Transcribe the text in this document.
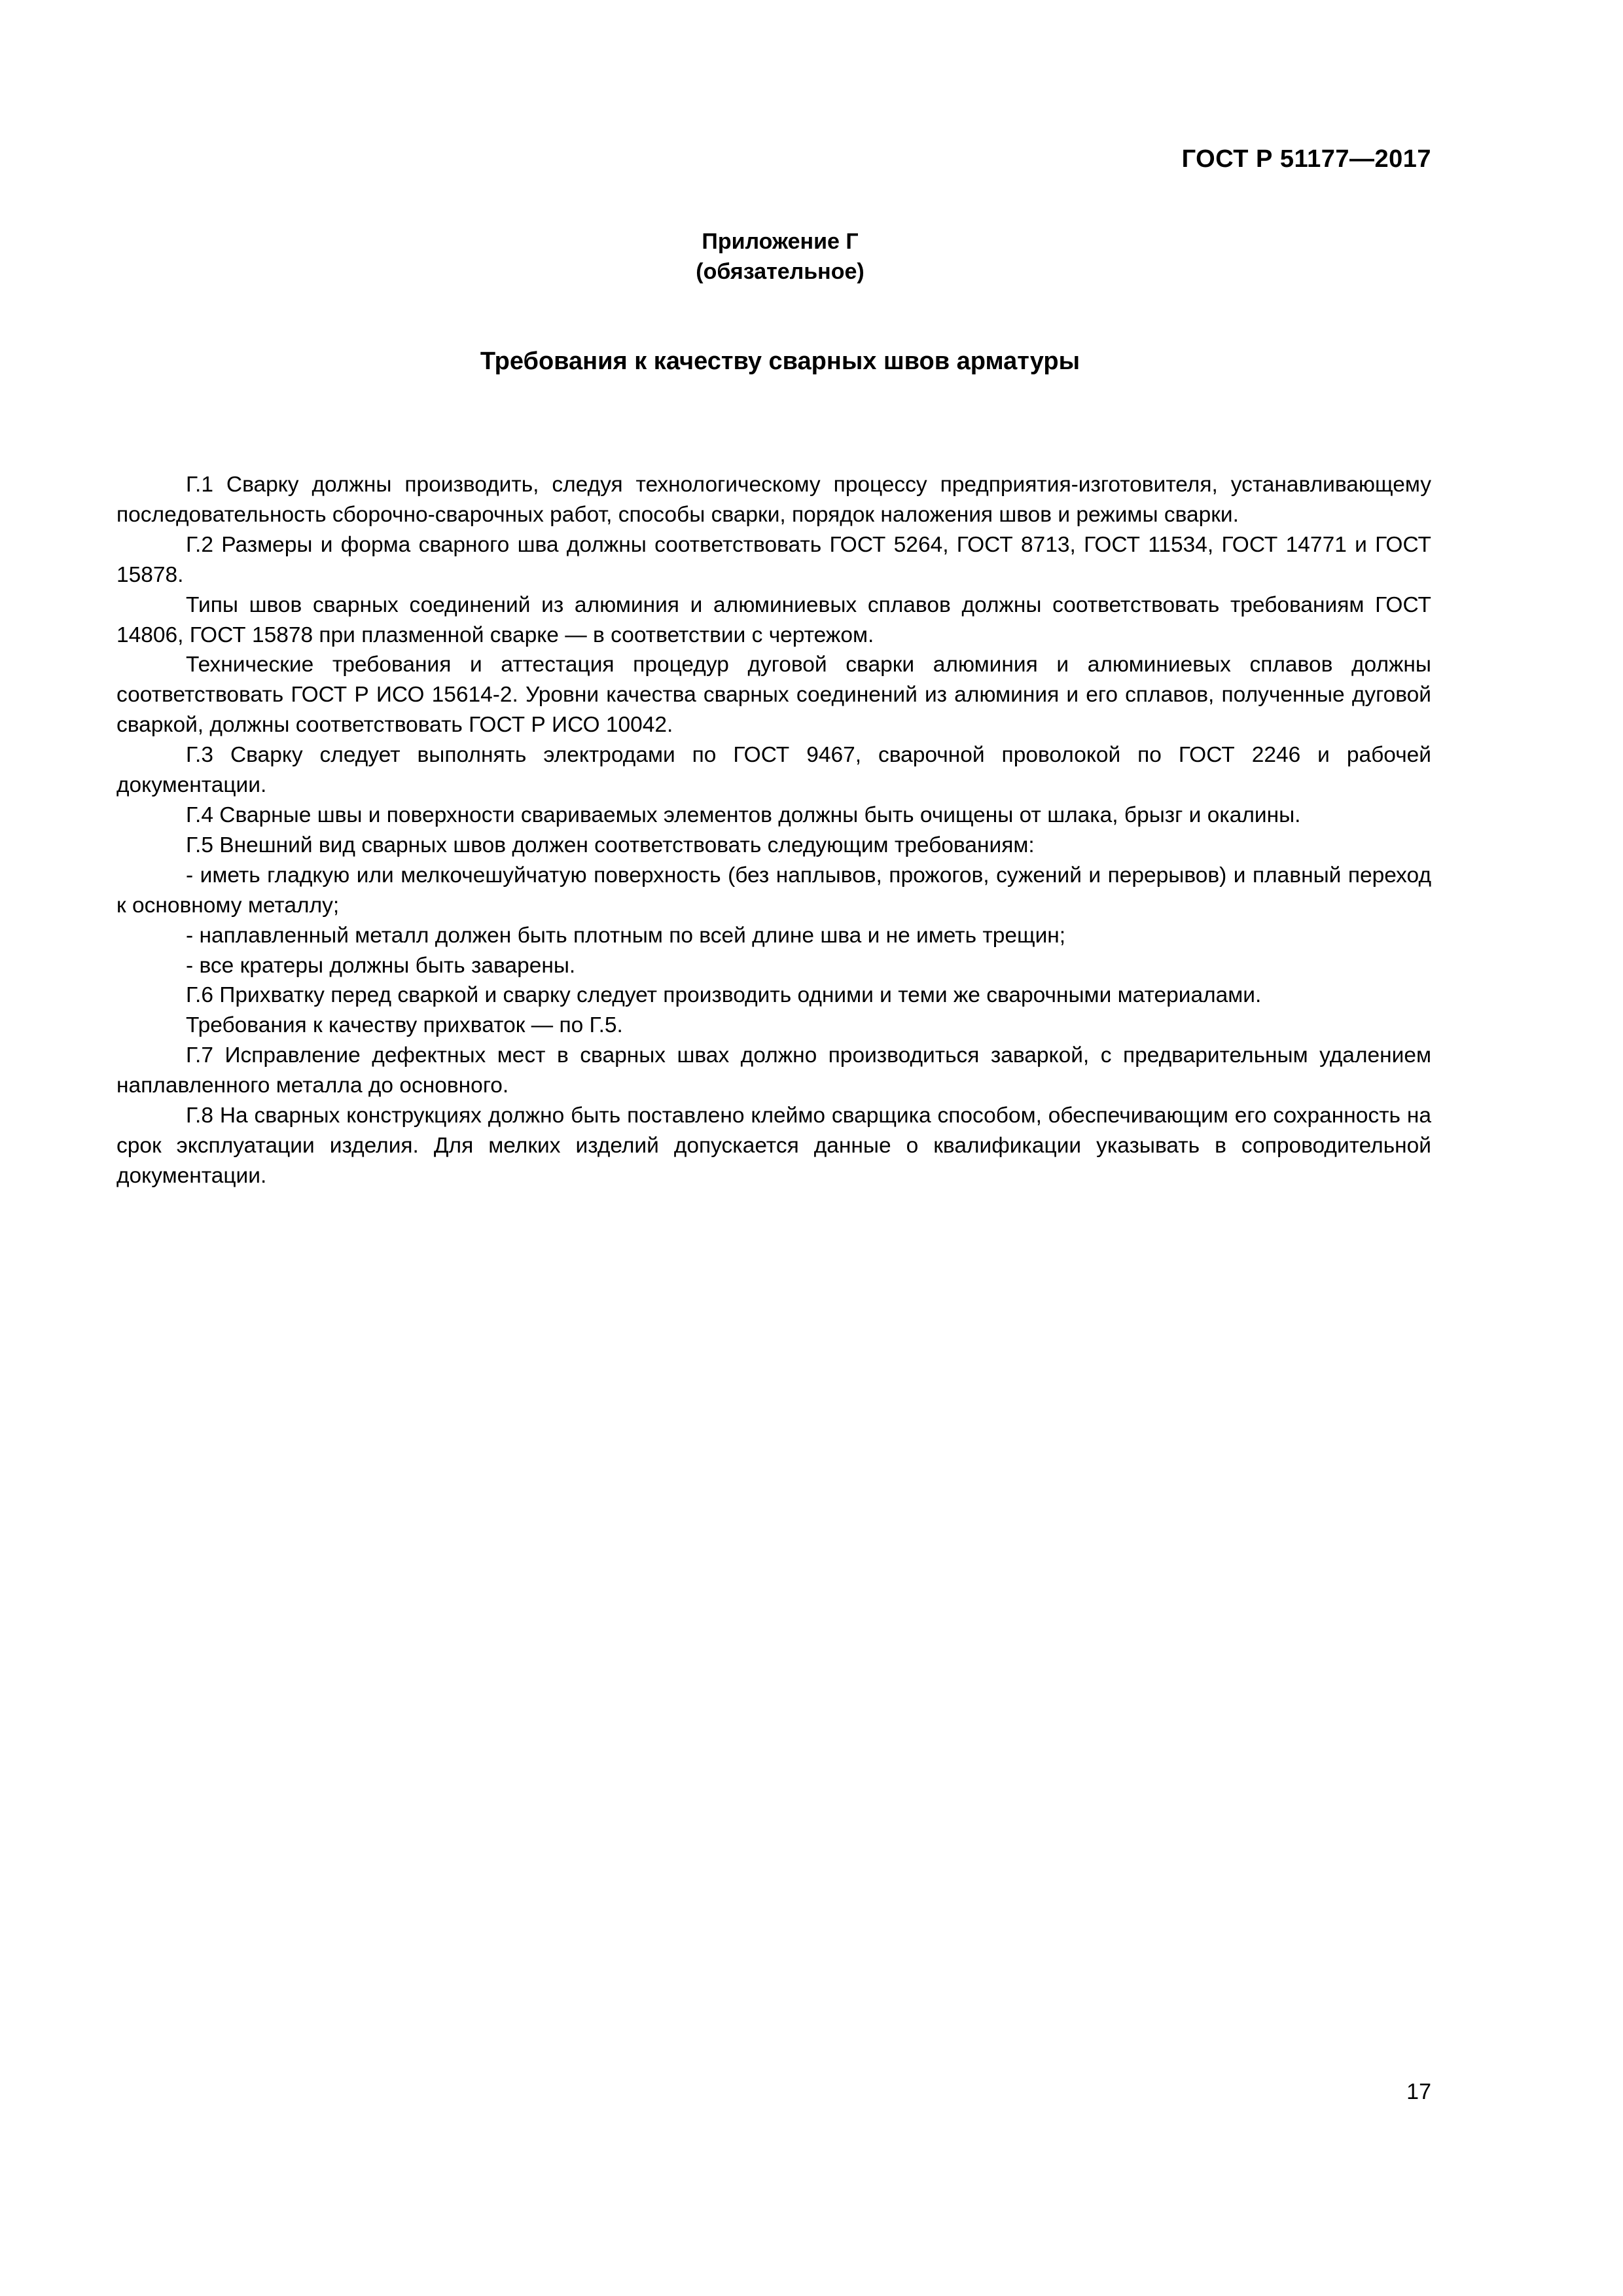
ГОСТ Р 51177—2017
Приложение Г
(обязательное)
Требования к качеству сварных швов арматуры

Г.1 Сварку должны производить, следуя технологическому процессу предприятия-изготовителя, устанавливающему последовательность сборочно-сварочных работ, способы сварки, порядок наложения швов и режимы сварки.

Г.2 Размеры и форма сварного шва должны соответствовать ГОСТ 5264, ГОСТ 8713, ГОСТ 11534, ГОСТ 14771 и ГОСТ 15878.

Типы швов сварных соединений из алюминия и алюминиевых сплавов должны соответствовать требованиям ГОСТ 14806, ГОСТ 15878 при плазменной сварке — в соответствии с чертежом.

Технические требования и аттестация процедур дуговой сварки алюминия и алюминиевых сплавов должны соответствовать ГОСТ Р ИСО 15614-2. Уровни качества сварных соединений из алюминия и его сплавов, полученные дуговой сваркой, должны соответствовать ГОСТ Р ИСО 10042.

Г.3 Сварку следует выполнять электродами по ГОСТ 9467, сварочной проволокой по ГОСТ 2246 и рабочей документации.

Г.4 Сварные швы и поверхности свариваемых элементов должны быть очищены от шлака, брызг и окалины.

Г.5 Внешний вид сварных швов должен соответствовать следующим требованиям:

- иметь гладкую или мелкочешуйчатую поверхность (без наплывов, прожогов, сужений и перерывов) и плавный переход к основному металлу;

- наплавленный металл должен быть плотным по всей длине шва и не иметь трещин;

- все кратеры должны быть заварены.

Г.6 Прихватку перед сваркой и сварку следует производить одними и теми же сварочными материалами.

Требования к качеству прихваток — по Г.5.

Г.7 Исправление дефектных мест в сварных швах должно производиться заваркой, с предварительным удалением наплавленного металла до основного.

Г.8 На сварных конструкциях должно быть поставлено клеймо сварщика способом, обеспечивающим его сохранность на срок эксплуатации изделия. Для мелких изделий допускается данные о квалификации указывать в сопроводительной документации.

17
